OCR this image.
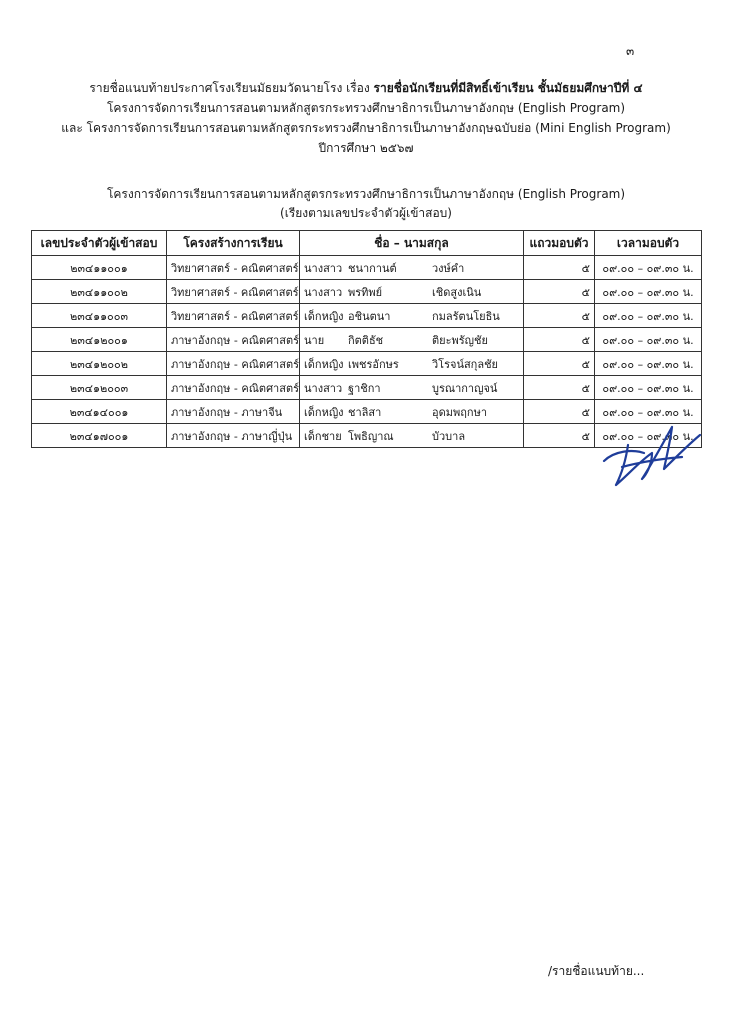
๓
รายชื่อแนบท้ายประกาศโรงเรียนมัธยมวัดนายโรง เรื่อง รายชื่อนักเรียนที่มีสิทธิ์เข้าเรียน ชั้นมัธยมศึกษาปีที่ ๔
โครงการจัดการเรียนการสอนตามหลักสูตรกระทรวงศึกษาธิการเป็นภาษาอังกฤษ (English Program)
และ โครงการจัดการเรียนการสอนตามหลักสูตรกระทรวงศึกษาธิการเป็นภาษาอังกฤษฉบับย่อ (Mini English Program)
ปีการศึกษา ๒๕๖๗
โครงการจัดการเรียนการสอนตามหลักสูตรกระทรวงศึกษาธิการเป็นภาษาอังกฤษ (English Program)
(เรียงตามเลขประจำตัวผู้เข้าสอบ)
เลขประจำตัวผู้เข้าสอบ	โครงสร้างการเรียน	ชื่อ – นามสกุล	แถวมอบตัว	เวลามอบตัว
๒๓๔๑๑๐๐๑	วิทยาศาสตร์ - คณิตศาสตร์	นางสาว ชนากานต์ วงษ์คำ	๕	๐๙.๐๐ – ๐๙.๓๐ น.
๒๓๔๑๑๐๐๒	วิทยาศาสตร์ - คณิตศาสตร์	นางสาว พรทิพย์ เชิดสูงเนิน	๕	๐๙.๐๐ – ๐๙.๓๐ น.
๒๓๔๑๑๐๐๓	วิทยาศาสตร์ - คณิตศาสตร์	เด็กหญิง อชินตนา กมลรัตนโยธิน	๕	๐๙.๐๐ – ๐๙.๓๐ น.
๒๓๔๑๒๐๐๑	ภาษาอังกฤษ - คณิตศาสตร์	นาย กิตติธัช ติยะพรัญชัย	๕	๐๙.๐๐ – ๐๙.๓๐ น.
๒๓๔๑๒๐๐๒	ภาษาอังกฤษ - คณิตศาสตร์	เด็กหญิง เพชรอักษร วิโรจน์สกุลชัย	๕	๐๙.๐๐ – ๐๙.๓๐ น.
๒๓๔๑๒๐๐๓	ภาษาอังกฤษ - คณิตศาสตร์	นางสาว ฐาชิกา บูรณากาญจน์	๕	๐๙.๐๐ – ๐๙.๓๐ น.
๒๓๔๑๔๐๐๑	ภาษาอังกฤษ - ภาษาจีน	เด็กหญิง ชาลิสา อุดมพฤกษา	๕	๐๙.๐๐ – ๐๙.๓๐ น.
๒๓๔๑๗๐๐๑	ภาษาอังกฤษ - ภาษาญี่ปุ่น	เด็กชาย โพธิญาณ บัวบาล	๕	๐๙.๐๐ – ๐๙.๓๐ น.
/รายชื่อแนบท้าย...
